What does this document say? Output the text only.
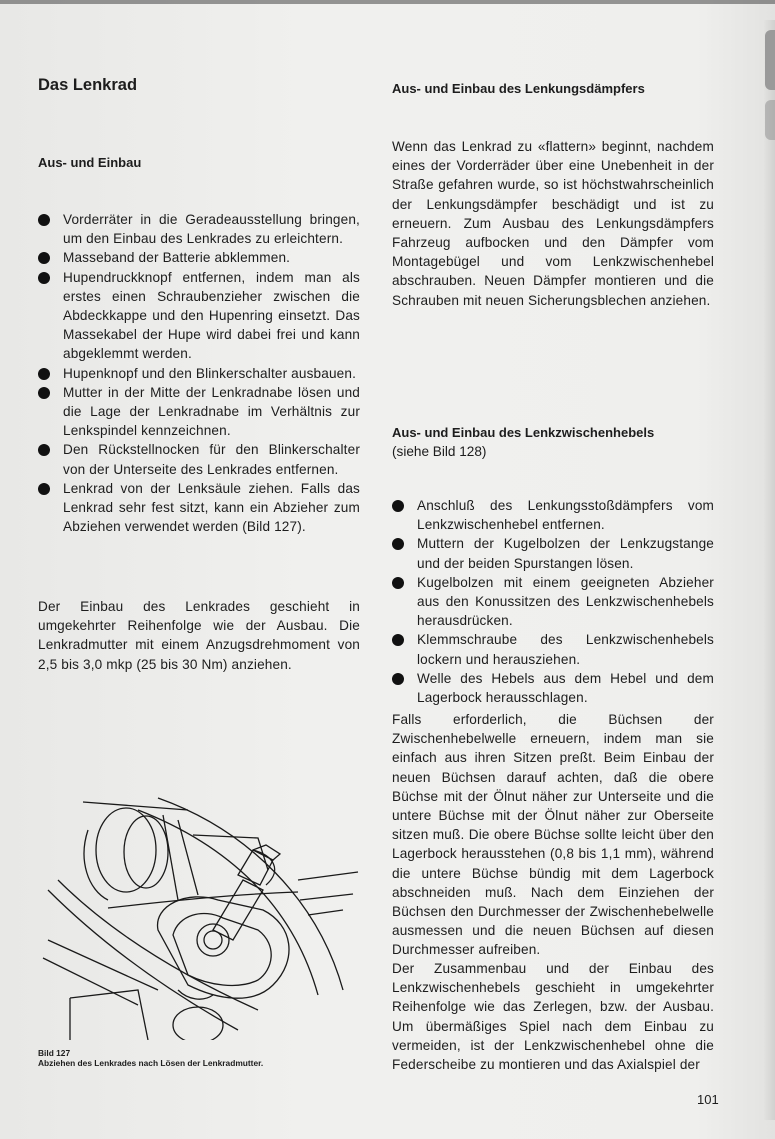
Das Lenkrad
Aus- und Einbau
Vorderräter in die Geradeausstellung bringen, um den Einbau des Lenkrades zu erleichtern.
Masseband der Batterie abklemmen.
Hupendruckknopf entfernen, indem man als erstes einen Schraubenzieher zwischen die Abdeckkappe und den Hupenring einsetzt. Das Massekabel der Hupe wird dabei frei und kann abgeklemmt werden.
Hupenknopf und den Blinkerschalter ausbauen.
Mutter in der Mitte der Lenkradnabe lösen und die Lage der Lenkradnabe im Verhältnis zur Lenkspindel kennzeichnen.
Den Rückstellnocken für den Blinkerschalter von der Unterseite des Lenkrades entfernen.
Lenkrad von der Lenksäule ziehen. Falls das Lenkrad sehr fest sitzt, kann ein Abzieher zum Abziehen verwendet werden (Bild 127).
Der Einbau des Lenkrades geschieht in umgekehrter Reihenfolge wie der Ausbau. Die Lenkradmutter mit einem Anzugsdrehmoment von 2,5 bis 3,0 mkp (25 bis 30 Nm) anziehen.
Bild 127
Abziehen des Lenkrades nach Lösen der Lenkradmutter.
Aus- und Einbau des Lenkungsdämpfers
Wenn das Lenkrad zu «flattern» beginnt, nachdem eines der Vorderräder über eine Unebenheit in der Straße gefahren wurde, so ist höchstwahrscheinlich der Lenkungsdämpfer beschädigt und ist zu erneuern. Zum Ausbau des Lenkungsdämpfers Fahrzeug aufbocken und den Dämpfer vom Montagebügel und vom Lenkzwischenhebel abschrauben. Neuen Dämpfer montieren und die Schrauben mit neuen Sicherungsblechen anziehen.
Aus- und Einbau des Lenkzwischenhebels
(siehe Bild 128)
Anschluß des Lenkungsstoßdämpfers vom Lenkzwischenhebel entfernen.
Muttern der Kugelbolzen der Lenkzugstange und der beiden Spurstangen lösen.
Kugelbolzen mit einem geeigneten Abzieher aus den Konussitzen des Lenkzwischenhebels herausdrücken.
Klemmschraube des Lenkzwischenhebels lockern und herausziehen.
Welle des Hebels aus dem Hebel und dem Lagerbock herausschlagen.
Falls erforderlich, die Büchsen der Zwischenhebelwelle erneuern, indem man sie einfach aus ihren Sitzen preßt. Beim Einbau der neuen Büchsen darauf achten, daß die obere Büchse mit der Ölnut näher zur Unterseite und die untere Büchse mit der Ölnut näher zur Oberseite sitzen muß. Die obere Büchse sollte leicht über den Lagerbock herausstehen (0,8 bis 1,1 mm), während die untere Büchse bündig mit dem Lagerbock abschneiden muß. Nach dem Einziehen der Büchsen den Durchmesser der Zwischenhebelwelle ausmessen und die neuen Büchsen auf diesen Durchmesser aufreiben.
Der Zusammenbau und der Einbau des Lenkzwischenhebels geschieht in umgekehrter Reihenfolge wie das Zerlegen, bzw. der Ausbau. Um übermäßiges Spiel nach dem Einbau zu vermeiden, ist der Lenkzwischenhebel ohne die Federscheibe zu montieren und das Axialspiel der
101
